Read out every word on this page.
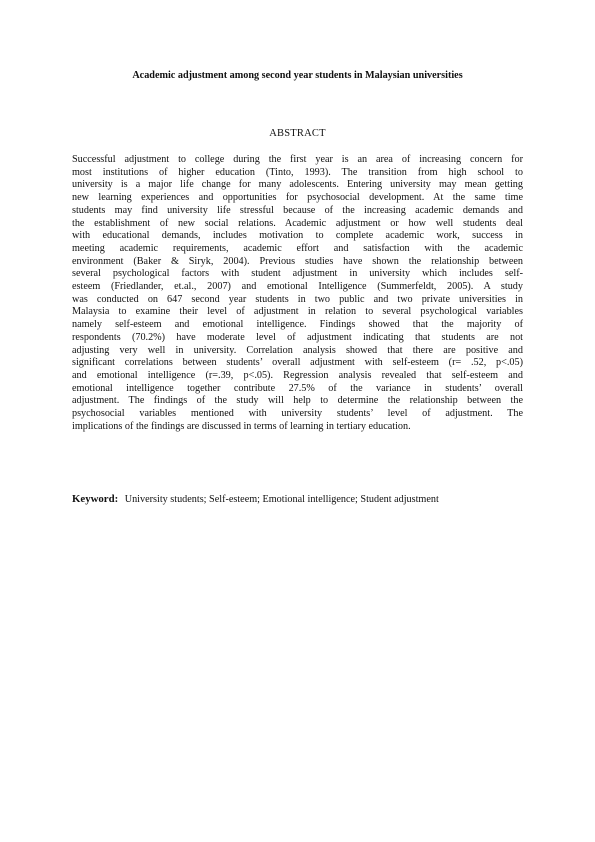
Academic adjustment among second year students in Malaysian universities
ABSTRACT
Successful adjustment to college during the first year is an area of increasing concern for
most institutions of higher education (Tinto, 1993). The transition from high school to
university is a major life change for many adolescents. Entering university may mean getting
new learning experiences and opportunities for psychosocial development. At the same time
students may find university life stressful because of the increasing academic demands and
the establishment of new social relations. Academic adjustment or how well students deal
with educational demands, includes motivation to complete academic work, success in
meeting academic requirements, academic effort and satisfaction with the academic
environment (Baker & Siryk, 2004). Previous studies have shown the relationship between
several psychological factors with student adjustment in university which includes self-
esteem (Friedlander, et.al., 2007) and emotional Intelligence (Summerfeldt, 2005). A study
was conducted on 647 second year students in two public and two private universities in
Malaysia to examine their level of adjustment in relation to several psychological variables
namely self-esteem and emotional intelligence. Findings showed that the majority of
respondents (70.2%) have moderate level of adjustment indicating that students are not
adjusting very well in university. Correlation analysis showed that there are positive and
significant correlations between students’ overall adjustment with self-esteem (r= .52, p<.05)
and emotional intelligence (r=.39, p<.05). Regression analysis revealed that self-esteem and
emotional intelligence together contribute 27.5% of the variance in students’ overall
adjustment. The findings of the study will help to determine the relationship between the
psychosocial variables mentioned with university students’ level of adjustment. The
implications of the findings are discussed in terms of learning in tertiary education.
Keyword: University students; Self-esteem; Emotional intelligence; Student adjustment
